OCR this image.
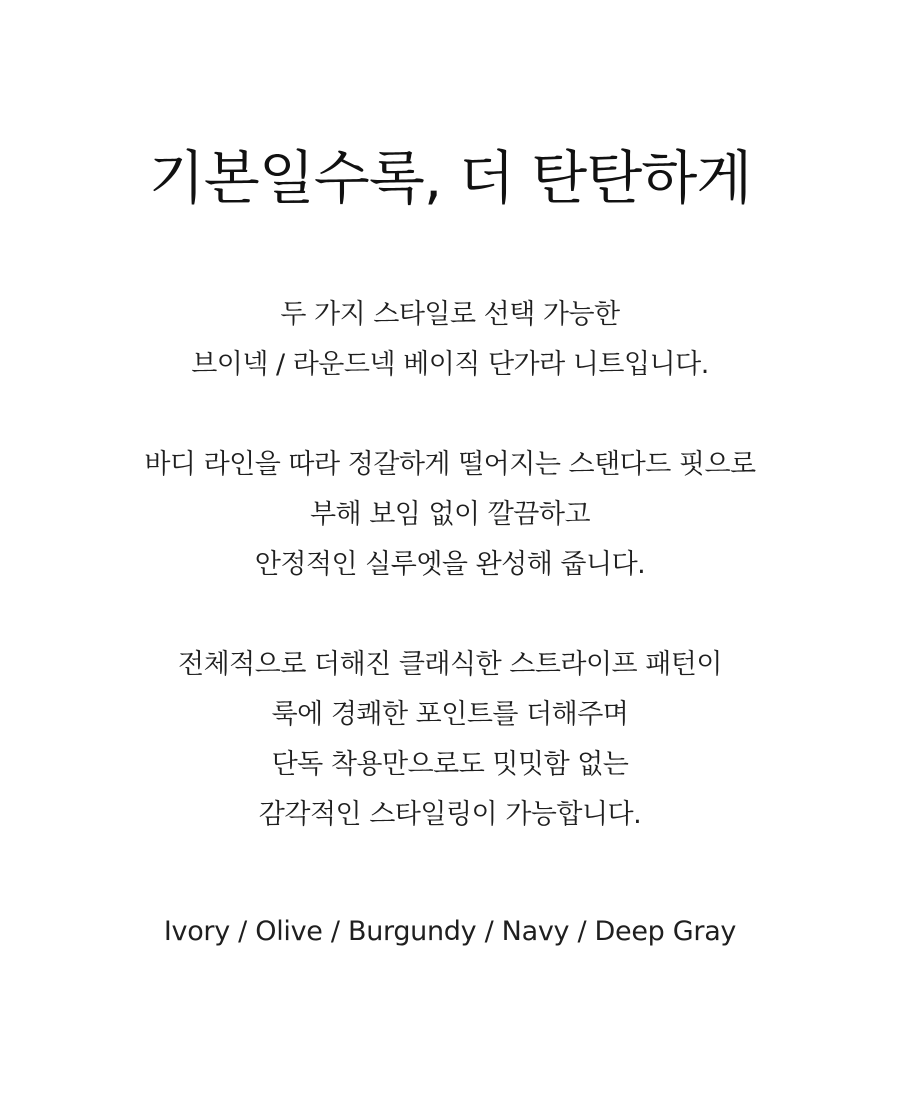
기본일수록, 더 탄탄하게

두 가지 스타일로 선택 가능한
브이넥 / 라운드넥 베이직 단가라 니트입니다.

바디 라인을 따라 정갈하게 떨어지는 스탠다드 핏으로
부해 보임 없이 깔끔하고
안정적인 실루엣을 완성해 줍니다.

전체적으로 더해진 클래식한 스트라이프 패턴이
룩에 경쾌한 포인트를 더해주며
단독 착용만으로도 밋밋함 없는
감각적인 스타일링이 가능합니다.

Ivory / Olive / Burgundy / Navy / Deep Gray
